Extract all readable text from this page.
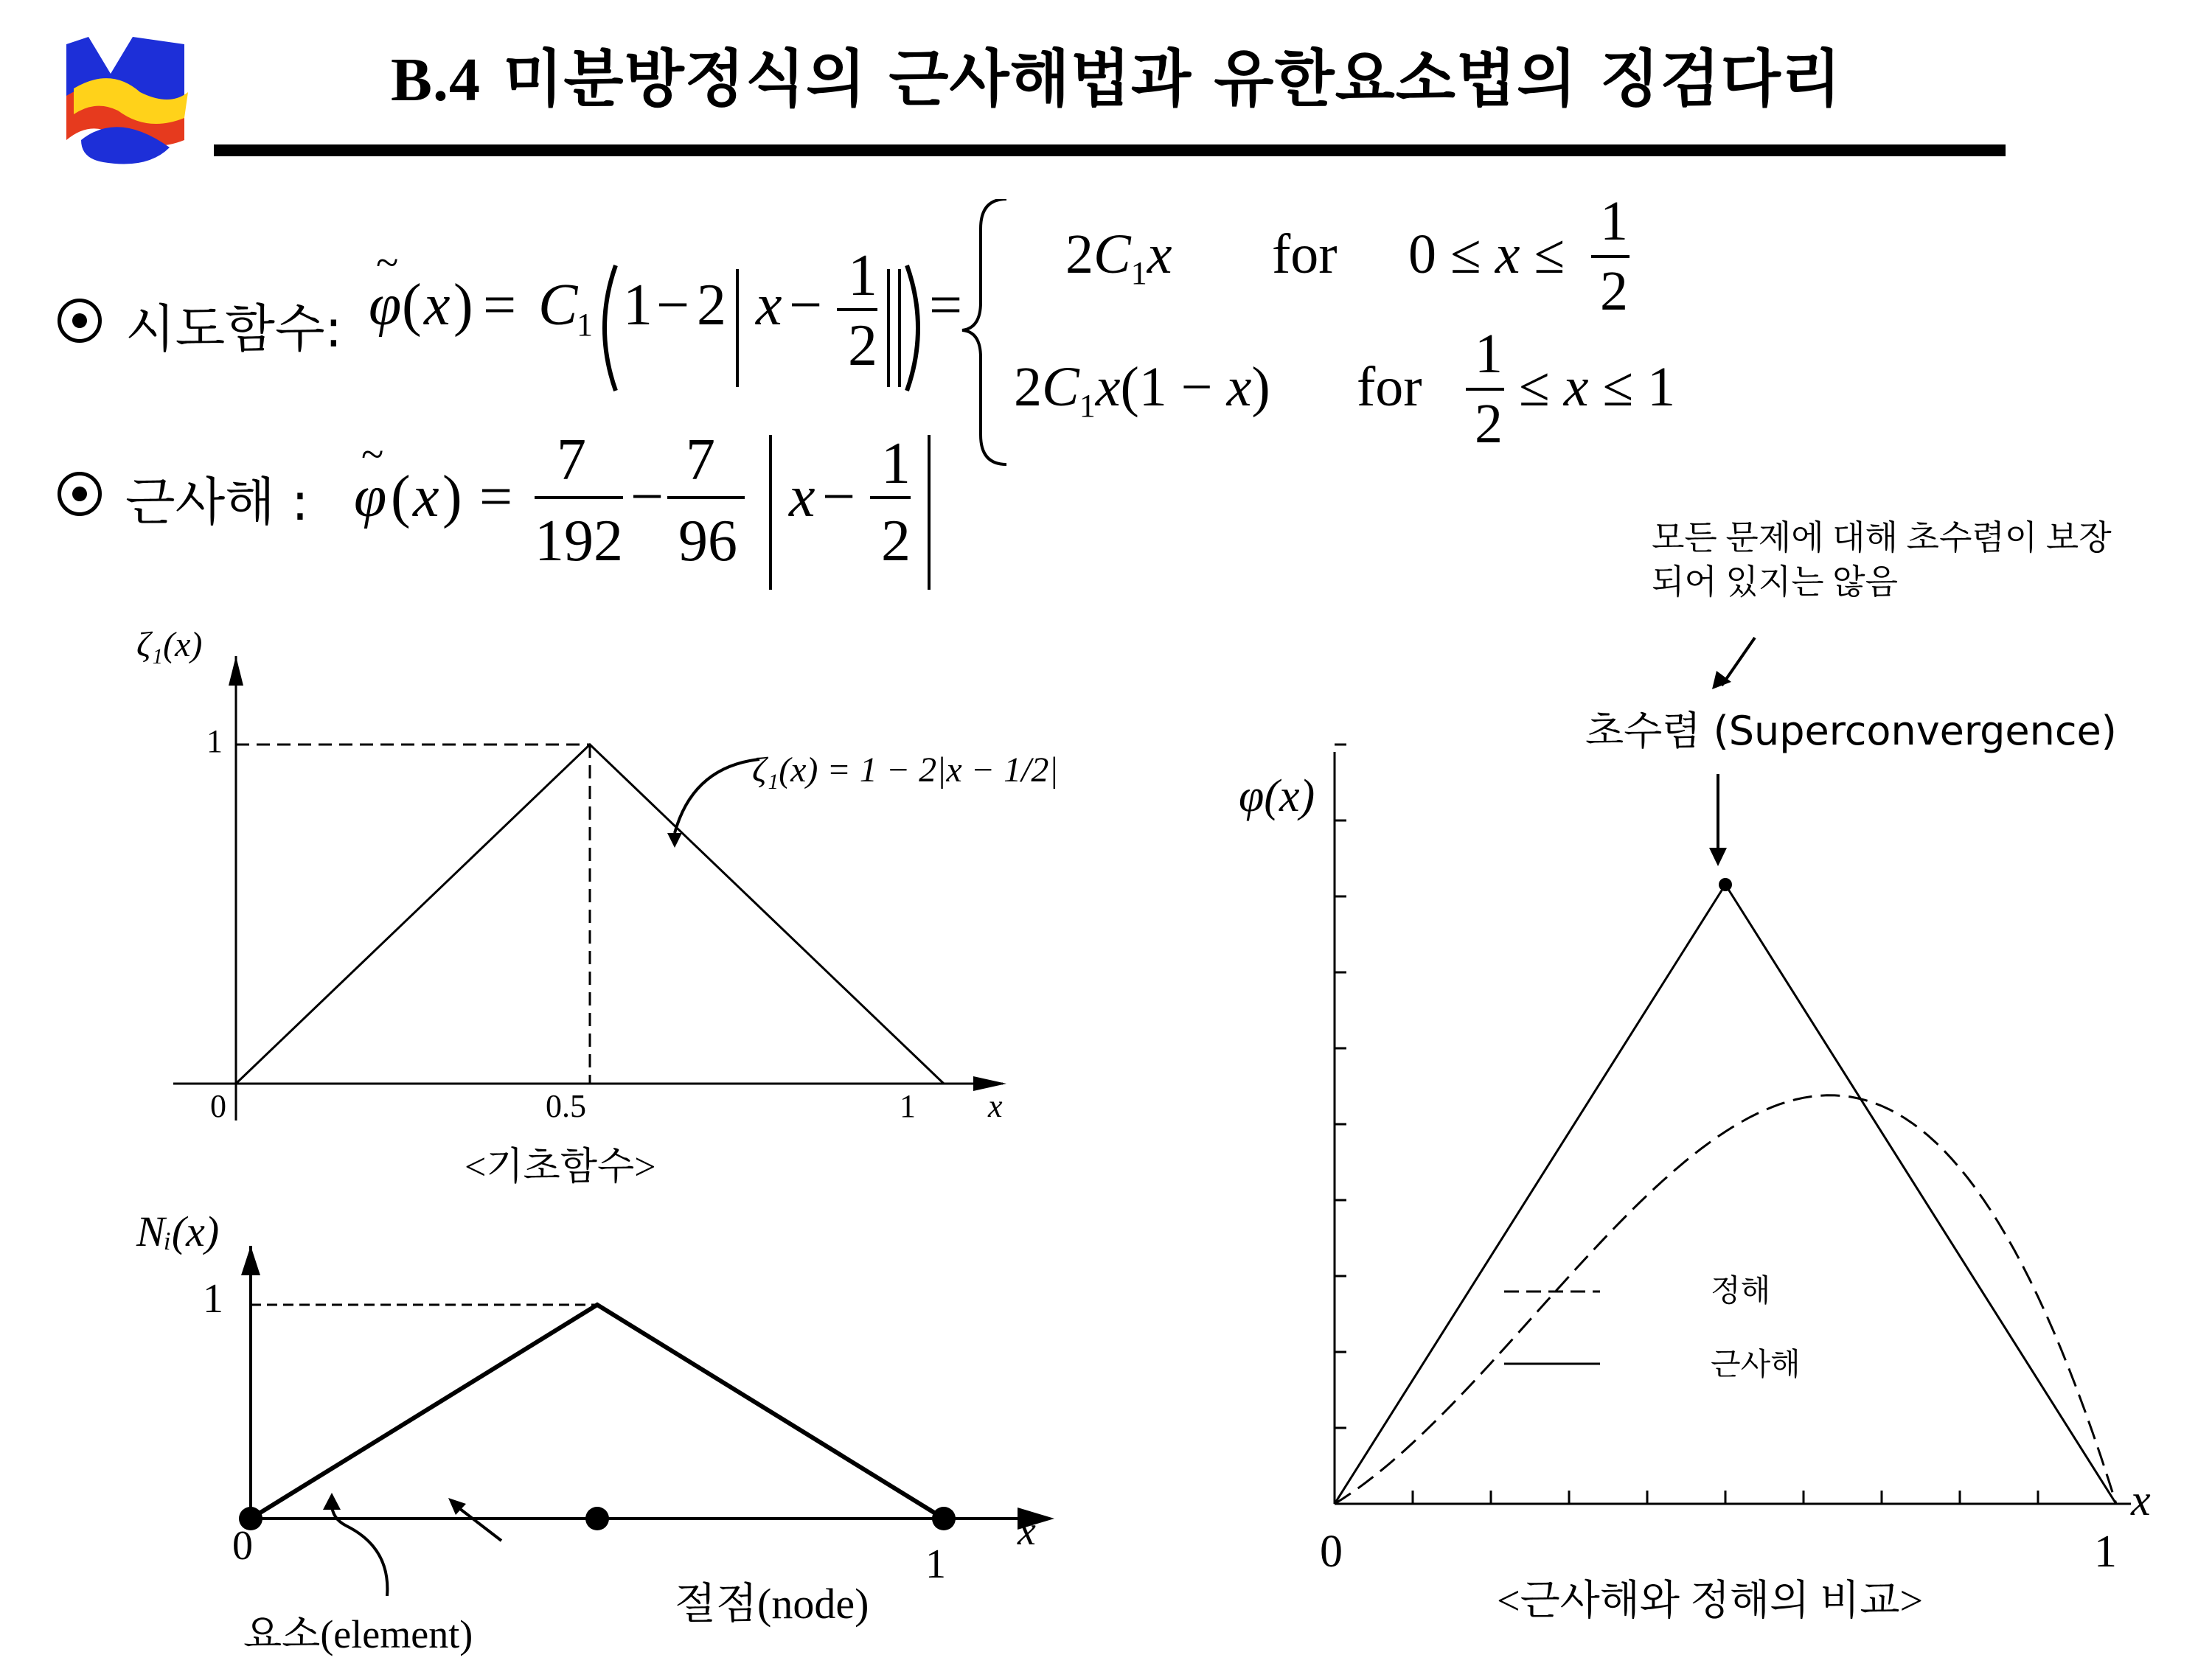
B.4 미분방정식의 근사해법과 유한요소법의 징검다리
시도함수: φ
~
( x ) = C
1 1 − 2 x − 1
2
=
2C1x for 0 ≤ x ≤
1
2
2C1x(1 − x) for
1
2
≤ x ≤ 1
근사해 : φ
~
( x ) =
7
192
−
7
96
x −
1
2
ζ₁(x)
1
0	0.5	1 x
ζ₁(x) = 1 − 2|x − 1/2|
<기초함수>
Nᵢ(x)
1
0	1
x
절점(node)
요소(element)
모든 문제에 대해 초수렴이 보장
되어 있지는 않음
초수렴 (Superconvergence)
φ(x)
0	1
x
정해
근사해
<근사해와 정해의 비교>
